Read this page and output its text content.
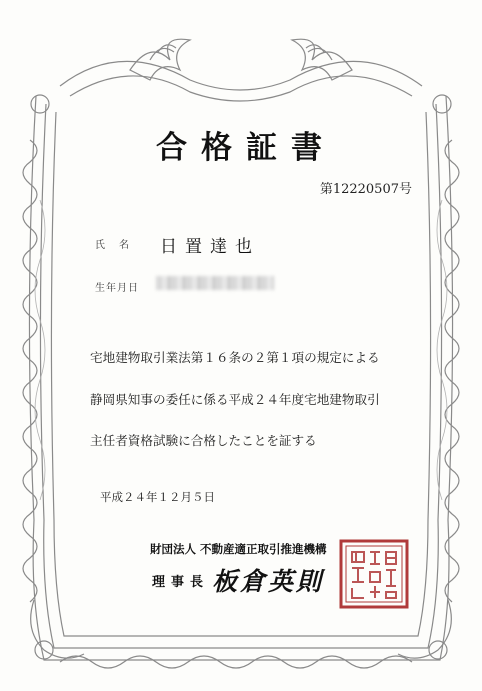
合格証書
第12220507号
氏　名 日置達也
生年月日
宅地建物取引業法第１６条の２第１項の規定による
静岡県知事の委任に係る平成２４年度宅地建物取引
主任者資格試験に合格したことを証する
平成２４年１２月５日
財団法人 不動産適正取引推進機構
理事長 板倉英則
